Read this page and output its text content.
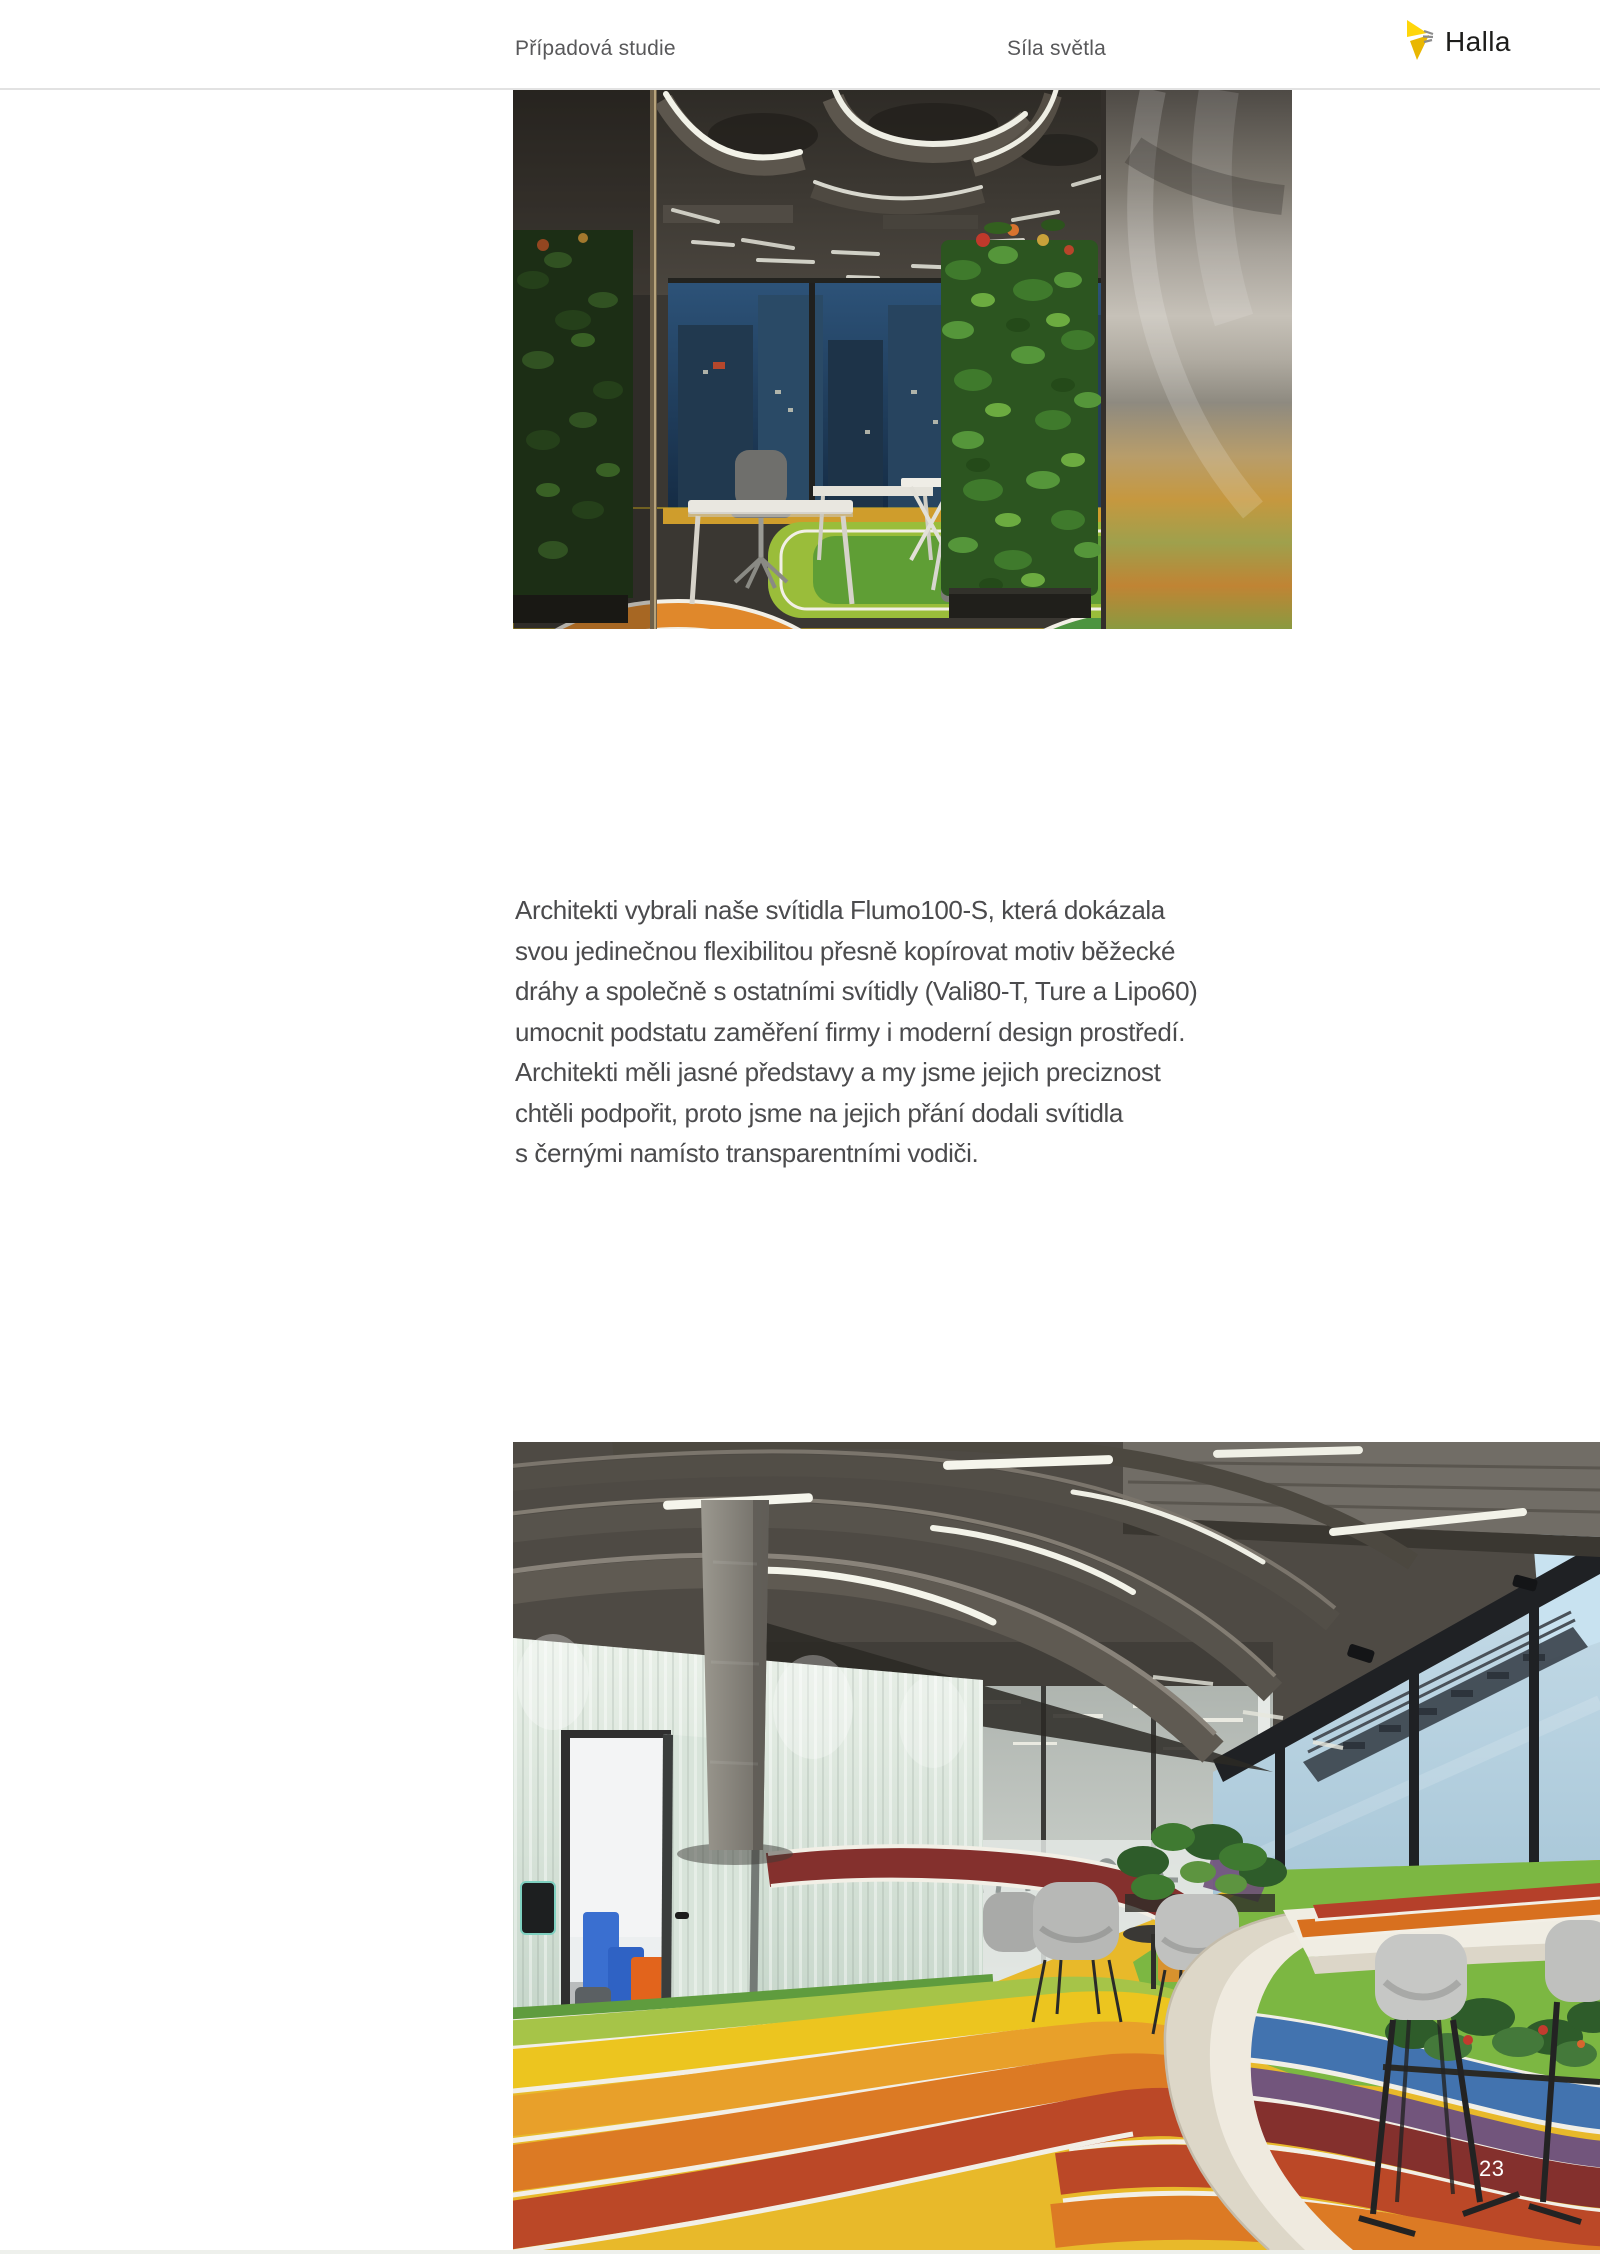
Případová studie	Síla světla	Halla
Architekti vybrali naše svítidla Flumo100-S, která dokázala
svou jedinečnou flexibilitou přesně kopírovat motiv běžecké
dráhy a společně s ostatními svítidly (Vali80-T, Ture a Lipo60)
umocnit podstatu zaměření firmy i moderní design prostředí.
Architekti měli jasné představy a my jsme jejich preciznost
chtěli podpořit, proto jsme na jejich přání dodali svítidla
s černými namísto transparentními vodiči.
23
